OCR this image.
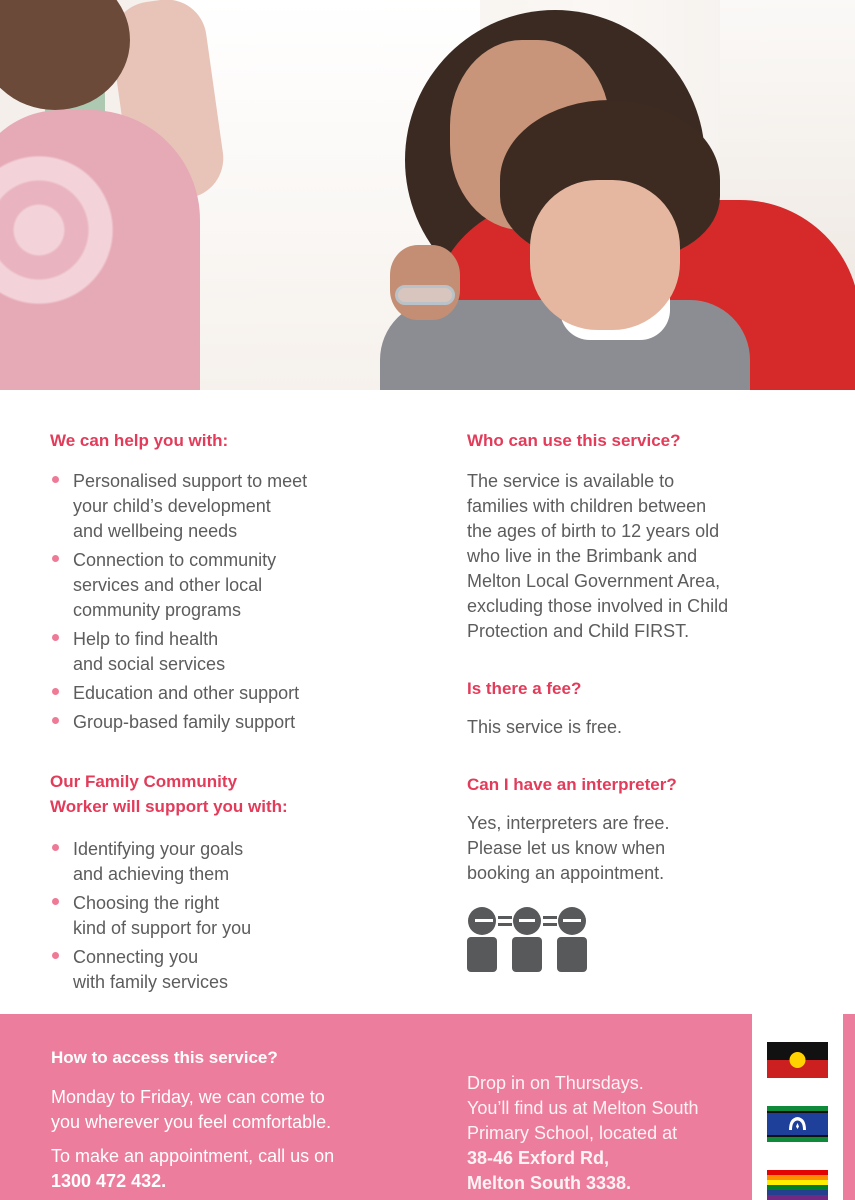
We can help you with:
Personalised support to meet
your child’s development
and wellbeing needs
Connection to community
services and other local
community programs
Help to find health
and social services
Education and other support
Group-based family support
Our Family Community
Worker will support you with:
Identifying your goals
and achieving them
Choosing the right
kind of support for you
Connecting you
with family services
Who can use this service?

The service is available to
families with children between
the ages of birth to 12 years old
who live in the Brimbank and
Melton Local Government Area,
excluding those involved in Child
Protection and Child FIRST.

Is there a fee?

This service is free.

Can I have an interpreter?

Yes, interpreters are free.
Please let us know when
booking an appointment.

How to access this service?

Monday to Friday, we can come to
you wherever you feel comfortable.

To make an appointment, call us on
1300 472 432.

Drop in on Thursdays.
You’ll find us at Melton South
Primary School, located at

38-46 Exford Rd,

Melton South 3338.
